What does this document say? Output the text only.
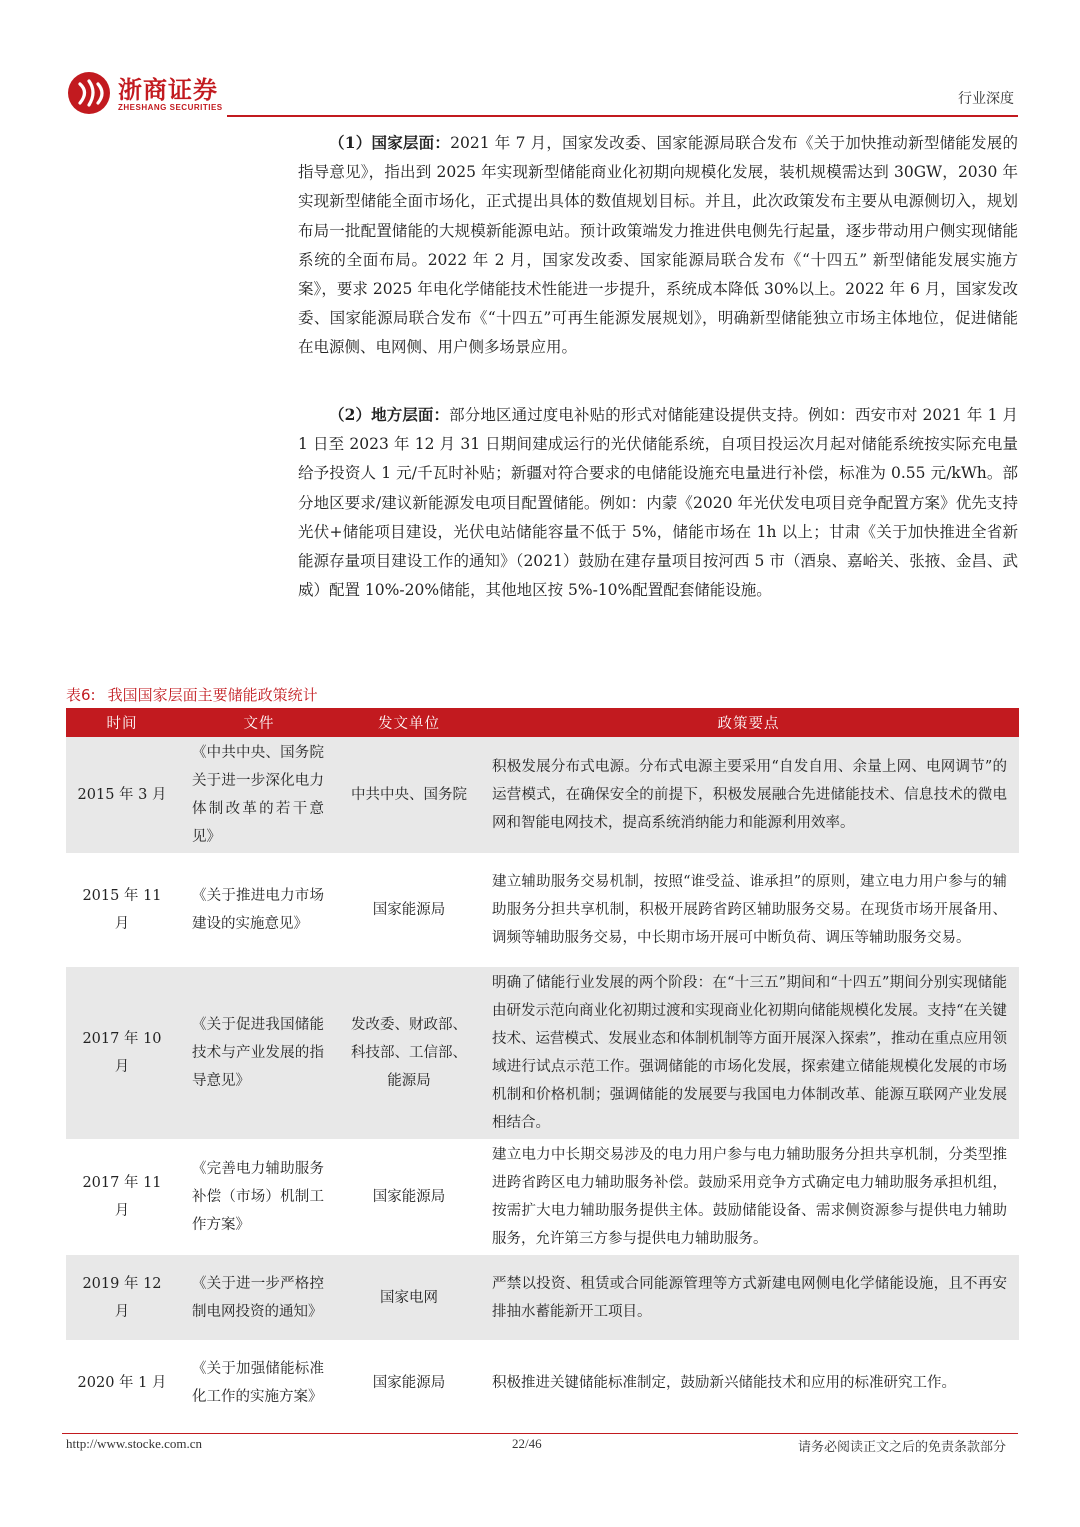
浙商证券
ZHESHANG SECURITIES
行业深度

（1）国家层面：2021 年 7 月，国家发改委、国家能源局联合发布《关于加快推动新型储能发展的指导意见》，指出到 2025 年实现新型储能商业化初期向规模化发展，装机规模需达到 30GW，2030 年实现新型储能全面市场化，正式提出具体的数值规划目标。并且，此次政策发布主要从电源侧切入，规划布局一批配置储能的大规模新能源电站。预计政策端发力推进供电侧先行起量，逐步带动用户侧实现储能系统的全面布局。2022 年 2 月，国家发改委、国家能源局联合发布《“十四五” 新型储能发展实施方案》，要求 2025 年电化学储能技术性能进一步提升，系统成本降低 30%以上。2022 年 6 月，国家发改委、国家能源局联合发布《“十四五”可再生能源发展规划》，明确新型储能独立市场主体地位，促进储能在电源侧、电网侧、用户侧多场景应用。

（2）地方层面：部分地区通过度电补贴的形式对储能建设提供支持。例如：西安市对 2021 年 1 月 1 日至 2023 年 12 月 31 日期间建成运行的光伏储能系统，自项目投运次月起对储能系统按实际充电量给予投资人 1 元/千瓦时补贴；新疆对符合要求的电储能设施充电量进行补偿，标准为 0.55 元/kWh。部分地区要求/建议新能源发电项目配置储能。例如：内蒙《2020 年光伏发电项目竞争配置方案》优先支持光伏+储能项目建设，光伏电站储能容量不低于 5%，储能市场在 1h 以上；甘肃《关于加快推进全省新能源存量项目建设工作的通知》（2021）鼓励在建存量项目按河西 5 市（酒泉、嘉峪关、张掖、金昌、武威）配置 10%-20%储能，其他地区按 5%-10%配置配套储能设施。

表6: 我国国家层面主要储能政策统计
时间	文件	发文单位	政策要点
2015 年 3 月	《中共中央、国务院关于进一步深化电力体制改革的若干意见》	中共中央、国务院	积极发展分布式电源。分布式电源主要采用“自发自用、余量上网、电网调节”的运营模式，在确保安全的前提下，积极发展融合先进储能技术、信息技术的微电网和智能电网技术，提高系统消纳能力和能源利用效率。
2015 年 11 月	《关于推进电力市场建设的实施意见》	国家能源局	建立辅助服务交易机制，按照“谁受益、谁承担”的原则，建立电力用户参与的辅助服务分担共享机制，积极开展跨省跨区辅助服务交易。在现货市场开展备用、调频等辅助服务交易，中长期市场开展可中断负荷、调压等辅助服务交易。
2017 年 10 月	《关于促进我国储能技术与产业发展的指导意见》	发改委、财政部、科技部、工信部、能源局	明确了储能行业发展的两个阶段：在“十三五”期间和“十四五”期间分别实现储能由研发示范向商业化初期过渡和实现商业化初期向储能规模化发展。支持“在关键技术、运营模式、发展业态和体制机制等方面开展深入探索”，推动在重点应用领域进行试点示范工作。强调储能的市场化发展，探索建立储能规模化发展的市场机制和价格机制；强调储能的发展要与我国电力体制改革、能源互联网产业发展相结合。
2017 年 11 月	《完善电力辅助服务补偿（市场）机制工作方案》	国家能源局	建立电力中长期交易涉及的电力用户参与电力辅助服务分担共享机制，分类型推进跨省跨区电力辅助服务补偿。鼓励采用竞争方式确定电力辅助服务承担机组，按需扩大电力辅助服务提供主体。鼓励储能设备、需求侧资源参与提供电力辅助服务，允许第三方参与提供电力辅助服务。
2019 年 12 月	《关于进一步严格控制电网投资的通知》	国家电网	严禁以投资、租赁或合同能源管理等方式新建电网侧电化学储能设施，且不再安排抽水蓄能新开工项目。
2020 年 1 月	《关于加强储能标准化工作的实施方案》	国家能源局	积极推进关键储能标准制定，鼓励新兴储能技术和应用的标准研究工作。
http://www.stocke.com.cn	22/46	请务必阅读正文之后的免责条款部分
